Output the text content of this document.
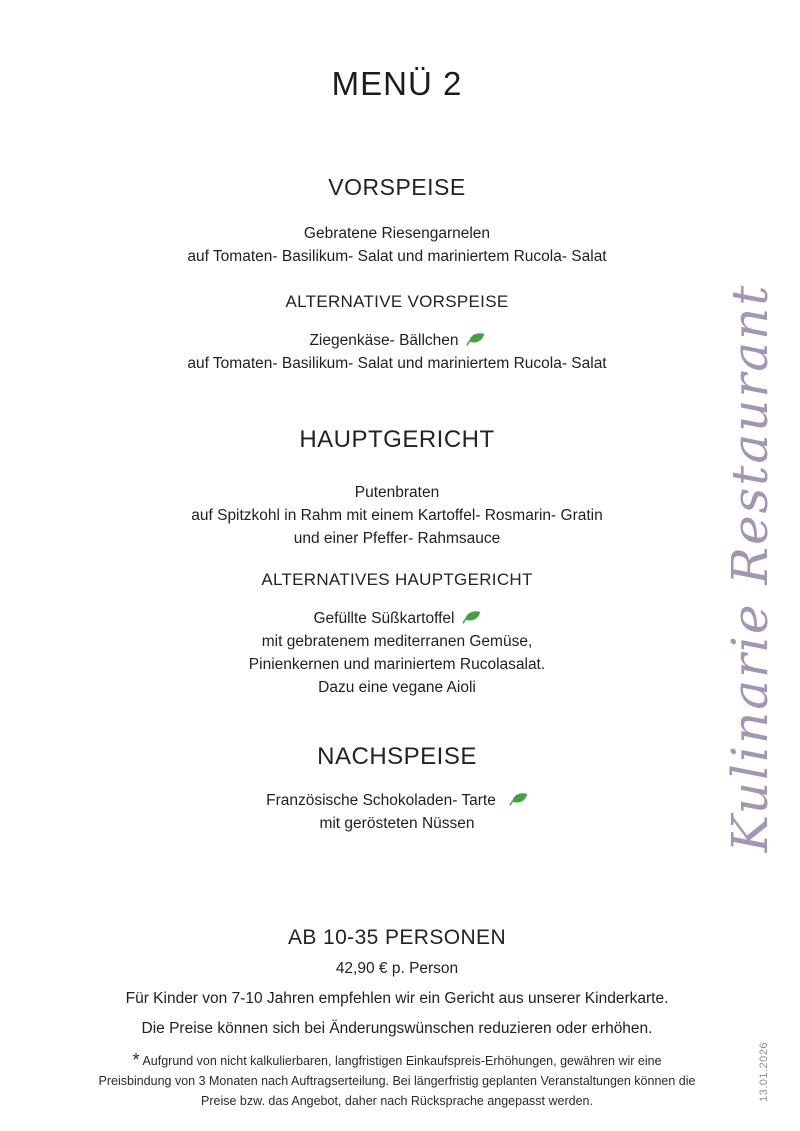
MENÜ 2
VORSPEISE
Gebratene Riesengarnelen
auf Tomaten- Basilikum- Salat und mariniertem Rucola- Salat
ALTERNATIVE VORSPEISE
Ziegenkäse- Bällchen
auf Tomaten- Basilikum- Salat und mariniertem Rucola- Salat
HAUPTGERICHT
Putenbraten
auf Spitzkohl in Rahm mit einem Kartoffel- Rosmarin- Gratin
und einer Pfeffer- Rahmsauce
ALTERNATIVES HAUPTGERICHT
Gefüllte Süßkartoffel
mit gebratenem mediterranen Gemüse,
Pinienkernen und mariniertem Rucolasalat.
Dazu eine vegane Aioli
NACHSPEISE
Französische Schokoladen- Tarte
mit gerösteten Nüssen
AB 10-35 PERSONEN
42,90 € p. Person
Für Kinder von 7-10 Jahren empfehlen wir ein Gericht aus unserer Kinderkarte.
Die Preise können sich bei Änderungswünschen reduzieren oder erhöhen.
* Aufgrund von nicht kalkulierbaren, langfristigen Einkaufspreis-Erhöhungen, gewähren wir eine Preisbindung von 3 Monaten nach Auftragserteilung. Bei längerfristig geplanten Veranstaltungen können die Preise bzw. das Angebot, daher nach Rücksprache angepasst werden.
Kulinarie Restaurant
13.01.2026
